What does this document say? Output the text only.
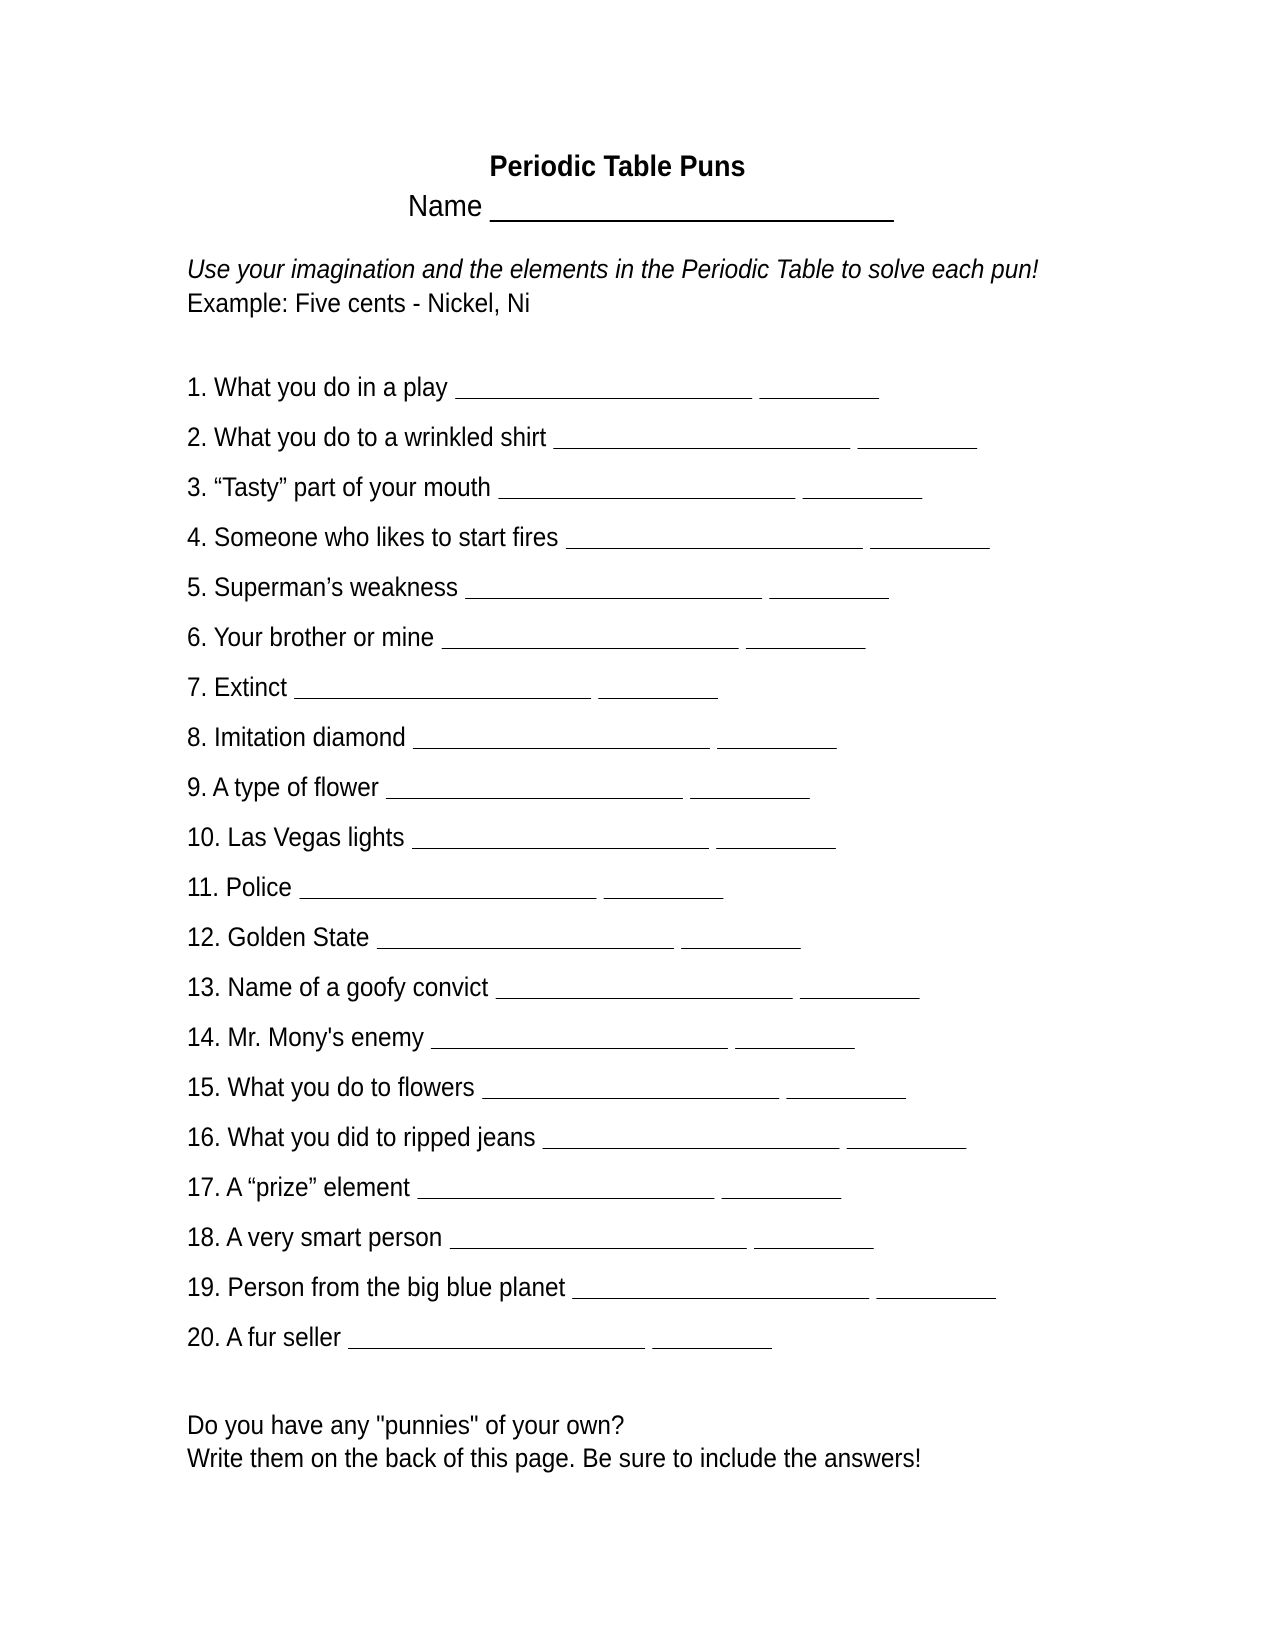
Periodic Table Puns
Name __________________________
Use your imagination and the elements in the Periodic Table to solve each pun!
Example: Five cents - Nickel, Ni
1. What you do in a play
2. What you do to a wrinkled shirt
3. “Tasty” part of your mouth
4. Someone who likes to start fires
5. Superman’s weakness
6. Your brother or mine
7. Extinct
8. Imitation diamond
9. A type of flower
10. Las Vegas lights
11. Police
12. Golden State
13. Name of a goofy convict
14. Mr. Mony's enemy
15. What you do to flowers
16. What you did to ripped jeans
17. A “prize” element
18. A very smart person
19. Person from the big blue planet
20. A fur seller
Do you have any "punnies" of your own?
Write them on the back of this page. Be sure to include the answers!
